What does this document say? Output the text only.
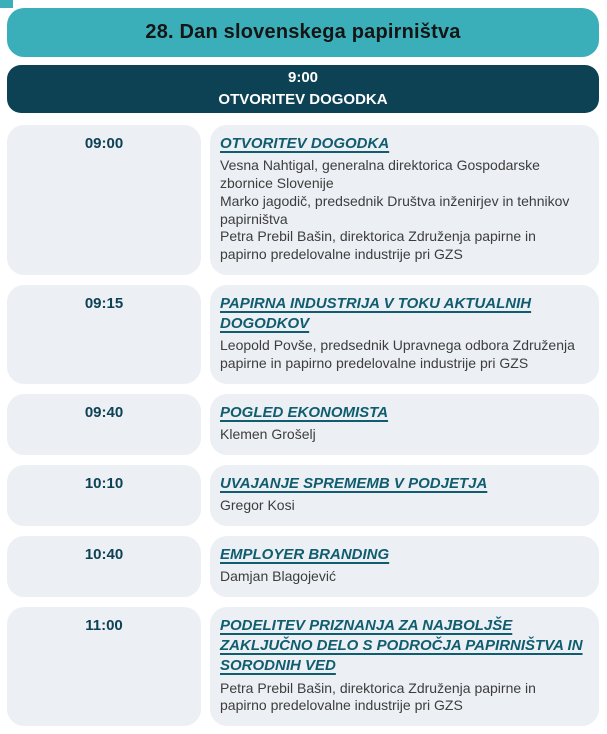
28. Dan slovenskega papirništva
9:00
OTVORITEV DOGODKA
09:00	OTVORITEV DOGODKA

Vesna Nahtigal, generalna direktorica Gospodarske zbornice Slovenije

Marko jagodič, predsednik Društva inženirjev in tehnikov papirništva

Petra Prebil Bašin, direktorica Združenja papirne in papirno predelovalne industrije pri GZS

09:15	PAPIRNA INDUSTRIJA V TOKU AKTUALNIH DOGODKOV

Leopold Povše, predsednik Upravnega odbora Združenja papirne in papirno predelovalne industrije pri GZS

09:40	POGLED EKONOMISTA

Klemen Grošelj

10:10	UVAJANJE SPREMEMB V PODJETJA

Gregor Kosi

10:40	EMPLOYER BRANDING

Damjan Blagojević

11:00	PODELITEV PRIZNANJA ZA NAJBOLJŠE ZAKLJUČNO DELO S PODROČJA PAPIRNIŠTVA IN SORODNIH VED

Petra Prebil Bašin, direktorica Združenja papirne in papirno predelovalne industrije pri GZS
